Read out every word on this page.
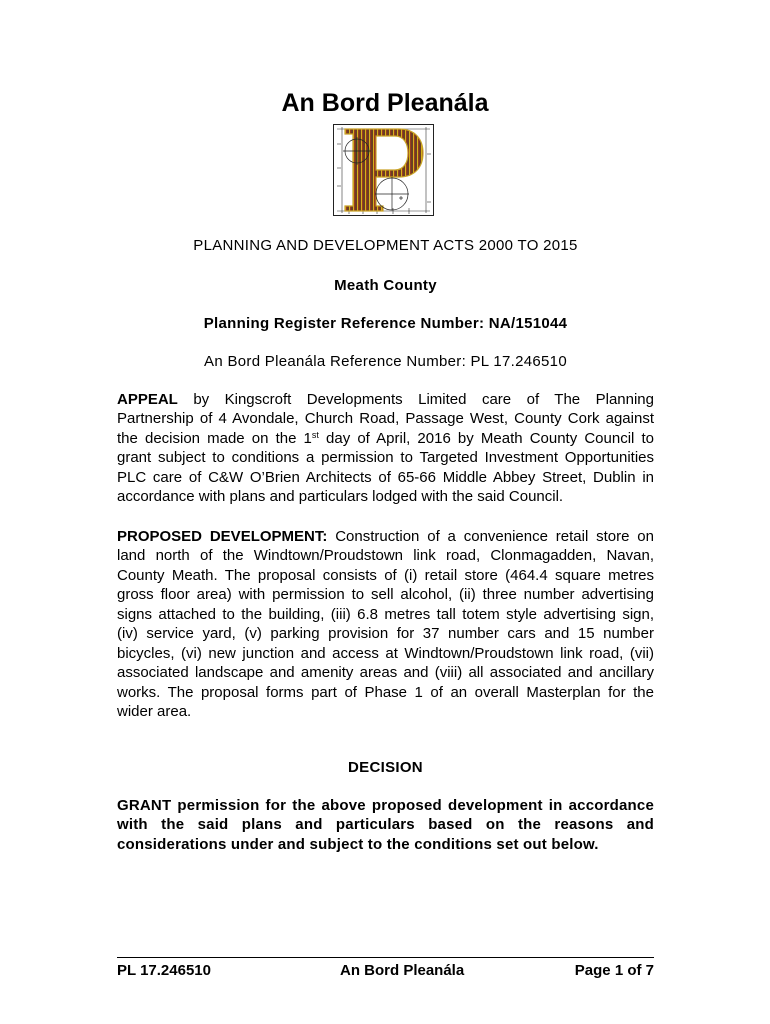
An Bord Pleanála
PLANNING AND DEVELOPMENT ACTS 2000 TO 2015
Meath County
Planning Register Reference Number: NA/151044
An Bord Pleanála Reference Number: PL 17.246510
APPEAL by Kingscroft Developments Limited care of The Planning
Partnership of 4 Avondale, Church Road, Passage West, County Cork against
the decision made on the 1st day of April, 2016 by Meath County Council to
grant subject to conditions a permission to Targeted Investment Opportunities
PLC care of C&W O’Brien Architects of 65-66 Middle Abbey Street, Dublin in
accordance with plans and particulars lodged with the said Council.
PROPOSED DEVELOPMENT: Construction of a convenience retail store on
land north of the Windtown/Proudstown link road, Clonmagadden, Navan,
County Meath. The proposal consists of (i) retail store (464.4 square metres
gross floor area) with permission to sell alcohol, (ii) three number advertising
signs attached to the building, (iii) 6.8 metres tall totem style advertising sign,
(iv) service yard, (v) parking provision for 37 number cars and 15 number
bicycles, (vi) new junction and access at Windtown/Proudstown link road, (vii)
associated landscape and amenity areas and (viii) all associated and ancillary
works. The proposal forms part of Phase 1 of an overall Masterplan for the
wider area.
DECISION
GRANT permission for the above proposed development in accordance
with the said plans and particulars based on the reasons and
considerations under and subject to the conditions set out below.
PL 17.246510	An Bord Pleanála	Page 1 of 7
